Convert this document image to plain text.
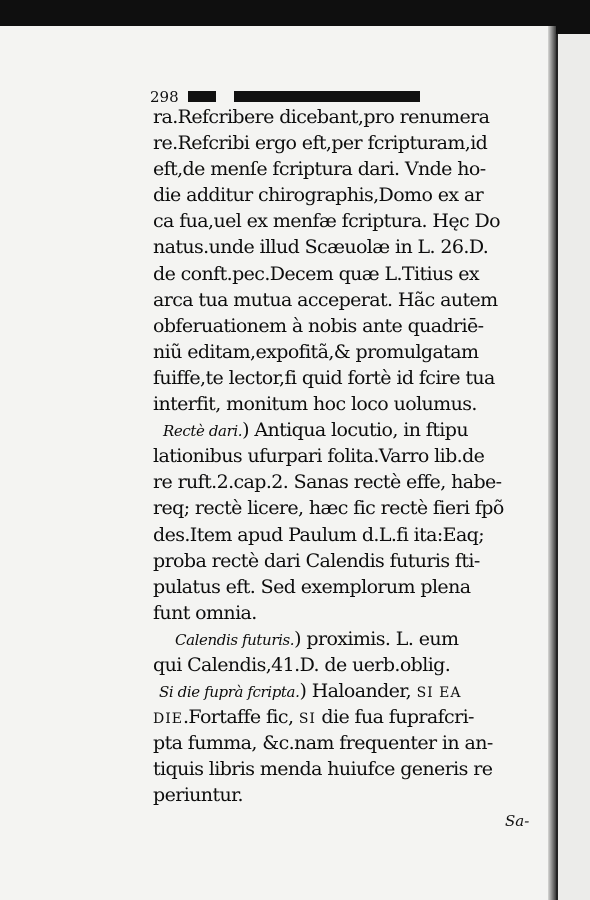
298
ra.Refcribere dicebant,pro renumera
re.Refcribi ergo eft,per fcripturam,id
eft,de menſe fcriptura dari. Vnde ho-
die additur chirographis,Domo ex ar
ca fua,uel ex menfæ fcriptura. Hęc Do
natus.unde illud Scæuolæ in L. 26.D.
de conft.pec.Decem quæ L.Titius ex
arca tua mutua acceperat. Hãc autem
obferuationem à nobis ante quadriē-
niũ editam,expofitã,& promulgatam
fuiffe,te lector,fi quid fortè id fcire tua
interfit, monitum hoc loco uolumus.
Rectè dari.) Antiqua locutio, in ftipu
lationibus ufurpari folita.Varro lib.de
re ruft.2.cap.2. Sanas rectè effe, habe-
req; rectè licere, hæc fic rectè fieri fpõ
des.Item apud Paulum d.L.fi ita:Eaq;
proba rectè dari Calendis futuris fti-
pulatus eft. Sed exemplorum plena
funt omnia.
Calendis futuris.) proximis. L. eum
qui Calendis,41.D. de uerb.oblig.
Si die fuprà fcripta.) Haloander, SI EA
DIE.Fortaffe fic, SI die fua fuprafcri-
pta fumma, &c.nam frequenter in an-
tiquis libris menda huiufce generis re
periuntur.
Sa-
